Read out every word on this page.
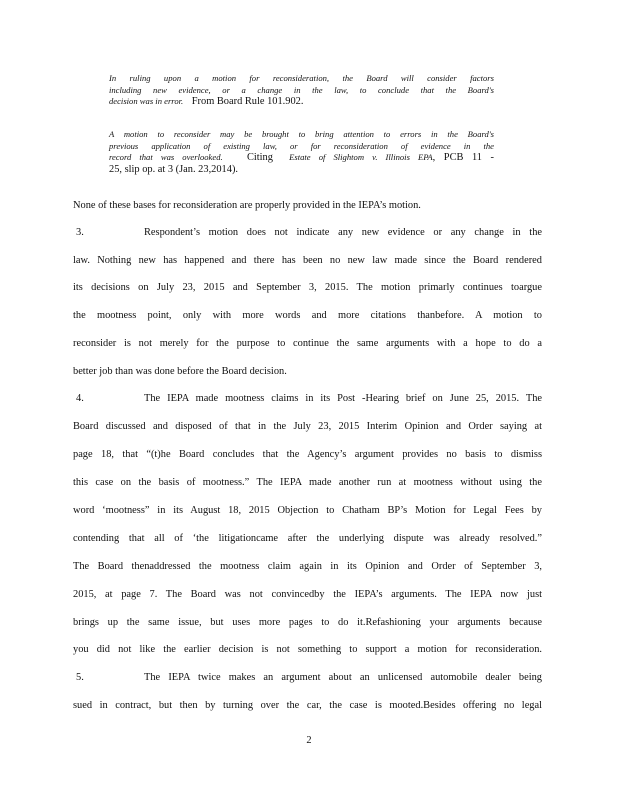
In ruling upon a motion for reconsideration, the Board will consider factors
including new evidence, or a change in the law, to conclude that the Board's
decision was in error. From Board Rule 101.902.
A motion to reconsider may be brought to bring attention to errors in the Board's
previous application of existing law, or for reconsideration of evidence in the
record that was overlooked. Citing Estate of Slightom v. Illinois EPA, PCB 11 -
25, slip op. at 3 (Jan. 23,2014).
None of these bases for reconsideration are properly provided in the IEPA’s motion.
3.	Respondent’s motion does not indicate any new evidence or any change in the
law. Nothing new has happened and there has been no new law made since the Board rendered
its decisions on July 23, 2015 and September 3, 2015. The motion primarly continues toargue
the mootness point, only with more words and more citations thanbefore. A motion to
reconsider is not merely for the purpose to continue the same arguments with a hope to do a
better job than was done before the Board decision.
4.	The IEPA made mootness claims in its Post -Hearing brief on June 25, 2015. The
Board discussed and disposed of that in the July 23, 2015 Interim Opinion and Order saying at
page 18, that “(t)he Board concludes that the Agency’s argument provides no basis to dismiss
this case on the basis of mootness.” The IEPA made another run at mootness without using the
word ‘mootness” in its August 18, 2015 Objection to Chatham BP’s Motion for Legal Fees by
contending that all of ‘the litigationcame after the underlying dispute was already resolved.”
The Board thenaddressed the mootness claim again in its Opinion and Order of September 3,
2015, at page 7. The Board was not convincedby the IEPA’s arguments. The IEPA now just
brings up the same issue, but uses more pages to do it.Refashioning your arguments because
you did not like the earlier decision is not something to support a motion for reconsideration.
5.	The IEPA twice makes an argument about an unlicensed automobile dealer being
sued in contract, but then by turning over the car, the case is mooted.Besides offering no legal
2
